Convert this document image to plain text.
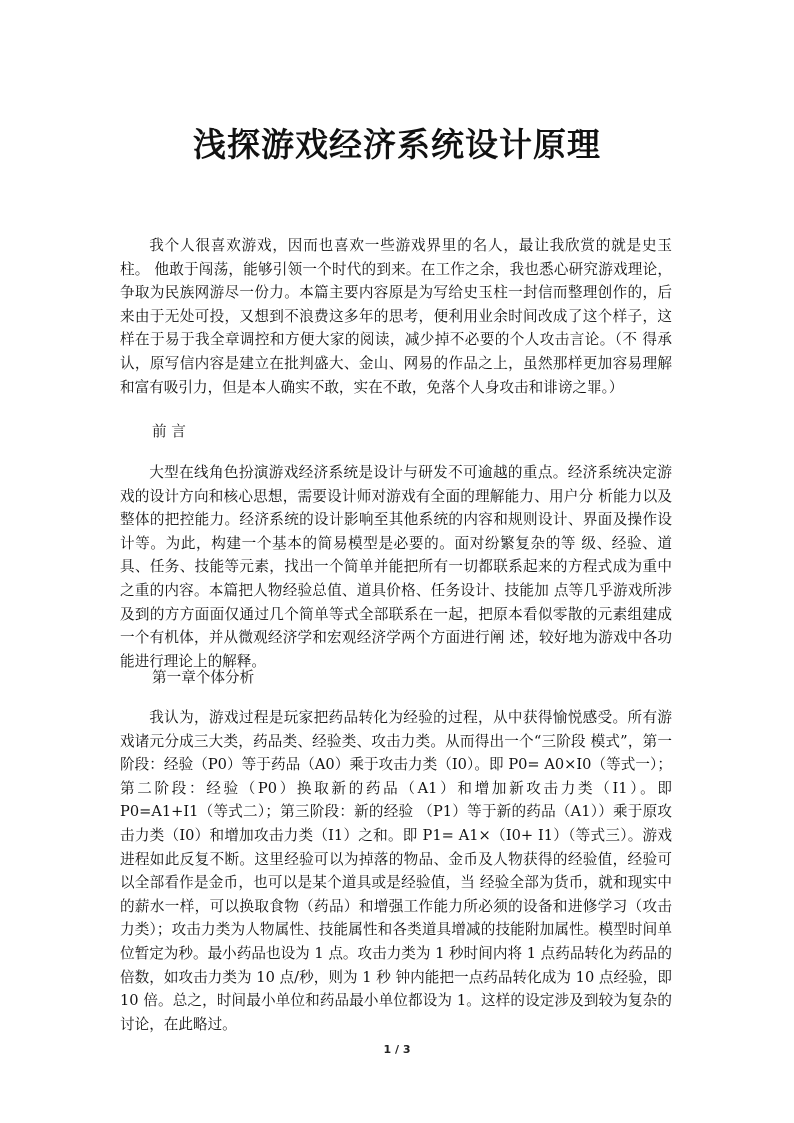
浅探游戏经济系统设计原理

我个人很喜欢游戏，因而也喜欢一些游戏界里的名人，最让我欣赏的就是史玉柱。 他敢于闯荡，能够引领一个时代的到来。在工作之余，我也悉心研究游戏理论，争取为民族网游尽一份力。本篇主要内容原是为写给史玉柱一封信而整理创作的，后 来由于无处可投，又想到不浪费这多年的思考，便利用业余时间改成了这个样子，这样在于易于我全章调控和方便大家的阅读，减少掉不必要的个人攻击言论。（不 得承认，原写信内容是建立在批判盛大、金山、网易的作品之上，虽然那样更加容易理解和富有吸引力，但是本人确实不敢，实在不敢，免落个人身攻击和诽谤之罪。）

前 言

大型在线角色扮演游戏经济系统是设计与研发不可逾越的重点。经济系统决定游戏的设计方向和核心思想，需要设计师对游戏有全面的理解能力、用户分 析能力以及整体的把控能力。经济系统的设计影响至其他系统的内容和规则设计、界面及操作设计等。为此，构建一个基本的简易模型是必要的。面对纷繁复杂的等 级、经验、道具、任务、技能等元素，找出一个简单并能把所有一切都联系起来的方程式成为重中之重的内容。本篇把人物经验总值、道具价格、任务设计、技能加 点等几乎游戏所涉及到的方方面面仅通过几个简单等式全部联系在一起，把原本看似零散的元素组建成一个有机体，并从微观经济学和宏观经济学两个方面进行阐 述，较好地为游戏中各功能进行理论上的解释。

第一章个体分析

我认为，游戏过程是玩家把药品转化为经验的过程，从中获得愉悦感受。所有游戏诸元分成三大类，药品类、经验类、攻击力类。从而得出一个“三阶段 模式”，第一阶段：经验（P0）等于药品（A0）乘于攻击力类（I0）。即 P0= A0×I0（等式一）；第二阶段：经验（P0）换取新的药品（A1）和增加新攻击力类（I1）。即 P0=A1+I1（等式二）；第三阶段：新的经验 （P1）等于新的药品（A1））乘于原攻击力类（I0）和增加攻击力类（I1）之和。即 P1= A1×（I0+ I1）（等式三）。游戏进程如此反复不断。这里经验可以为掉落的物品、金币及人物获得的经验值，经验可以全部看作是金币，也可以是某个道具或是经验值，当 经验全部为货币，就和现实中的薪水一样，可以换取食物（药品）和增强工作能力所必须的设备和进修学习（攻击力类）；攻击力类为人物属性、技能属性和各类道具增减的技能附加属性。模型时间单位暂定为秒。最小药品也设为 1 点。攻击力类为 1 秒时间内将 1 点药品转化为药品的倍数，如攻击力类为 10 点/秒，则为 1 秒 钟内能把一点药品转化成为 10 点经验，即 10 倍。总之，时间最小单位和药品最小单位都设为 1。这样的设定涉及到较为复杂的讨论，在此略过。

1 / 3
